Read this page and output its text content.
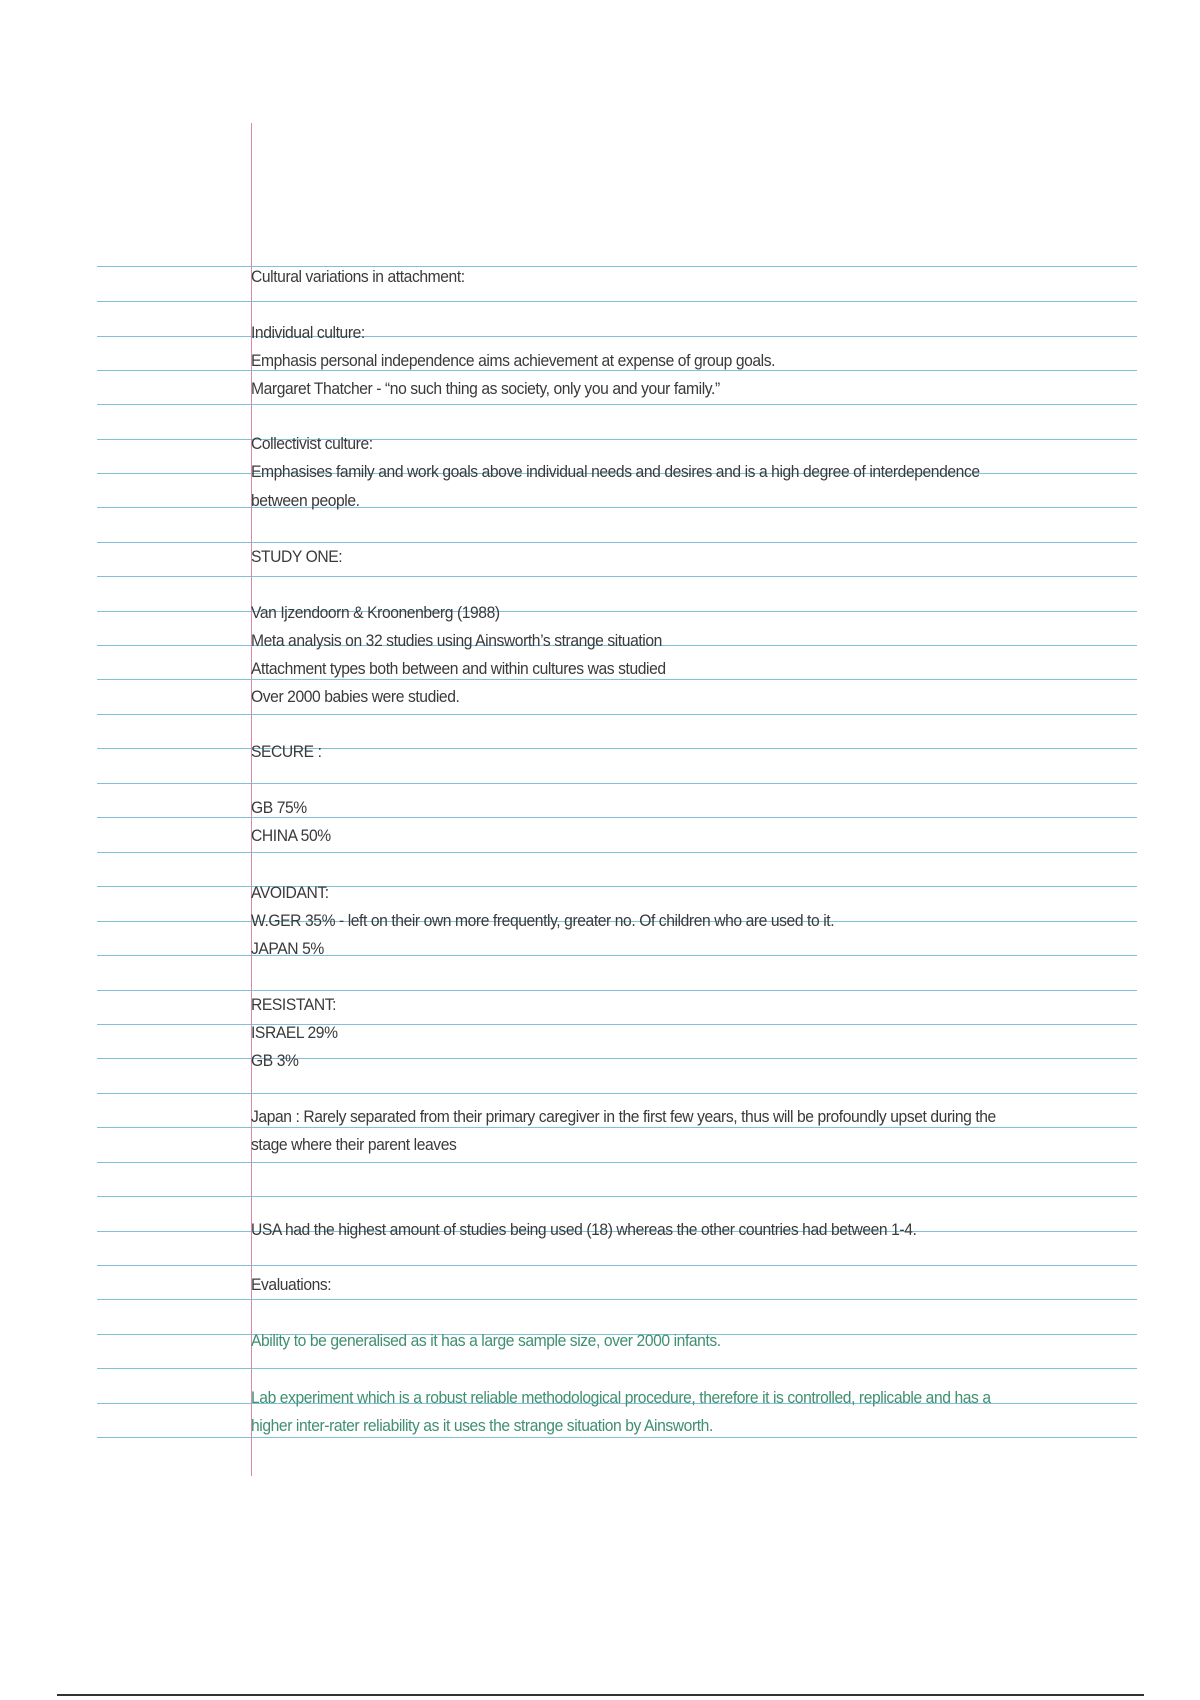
Cultural variations in attachment:
Individual culture:
Emphasis personal independence aims achievement at expense of group goals.
Margaret Thatcher - “no such thing as society, only you and your family.”
Collectivist culture:
Emphasises family and work goals above individual needs and desires and is a high degree of interdependence
between people.
STUDY ONE:
Van Ijzendoorn & Kroonenberg (1988)
Meta analysis on 32 studies using Ainsworth’s strange situation
Attachment types both between and within cultures was studied
Over 2000 babies were studied.
SECURE :
GB 75%
CHINA 50%
AVOIDANT:
W.GER 35% - left on their own more frequently, greater no. Of children who are used to it.
JAPAN 5%
RESISTANT:
ISRAEL 29%
GB 3%
Japan : Rarely separated from their primary caregiver in the first few years, thus will be profoundly upset during the
stage where their parent leaves
USA had the highest amount of studies being used (18) whereas the other countries had between 1-4.
Evaluations:
Ability to be generalised as it has a large sample size, over 2000 infants.
Lab experiment which is a robust reliable methodological procedure, therefore it is controlled, replicable and has a
higher inter-rater reliability as it uses the strange situation by Ainsworth.
